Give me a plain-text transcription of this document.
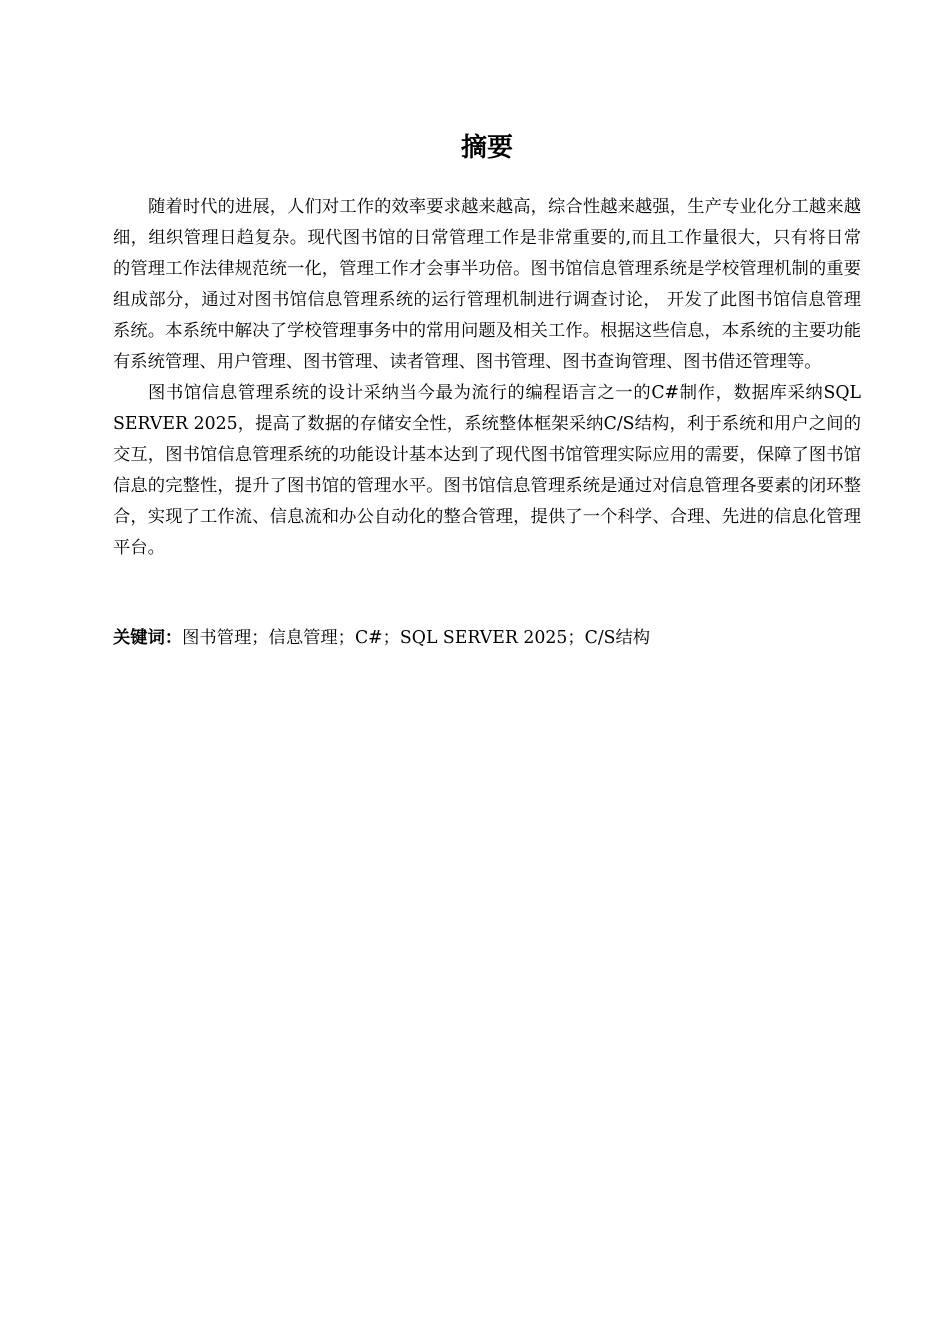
摘要

随着时代的进展，人们对工作的效率要求越来越高，综合性越来越强，生产专业化分工越来越细，组织管理日趋复杂。现代图书馆的日常管理工作是非常重要的,而且工作量很大，只有将日常的管理工作法律规范统一化，管理工作才会事半功倍。图书馆信息管理系统是学校管理机制的重要组成部分，通过对图书馆信息管理系统的运行管理机制进行调查讨论， 开发了此图书馆信息管理系统。本系统中解决了学校管理事务中的常用问题及相关工作。根据这些信息，本系统的主要功能有系统管理、用户管理、图书管理、读者管理、图书管理、图书查询管理、图书借还管理等。

图书馆信息管理系统的设计采纳当今最为流行的编程语言之一的C#制作，数据库采纳SQL SERVER 2025，提高了数据的存储安全性，系统整体框架采纳C/S结构，利于系统和用户之间的交互，图书馆信息管理系统的功能设计基本达到了现代图书馆管理实际应用的需要，保障了图书馆信息的完整性，提升了图书馆的管理水平。图书馆信息管理系统是通过对信息管理各要素的闭环整合，实现了工作流、信息流和办公自动化的整合管理，提供了一个科学、合理、先进的信息化管理平台。

关键词：图书管理；信息管理；C#；SQL SERVER 2025；C/S结构
